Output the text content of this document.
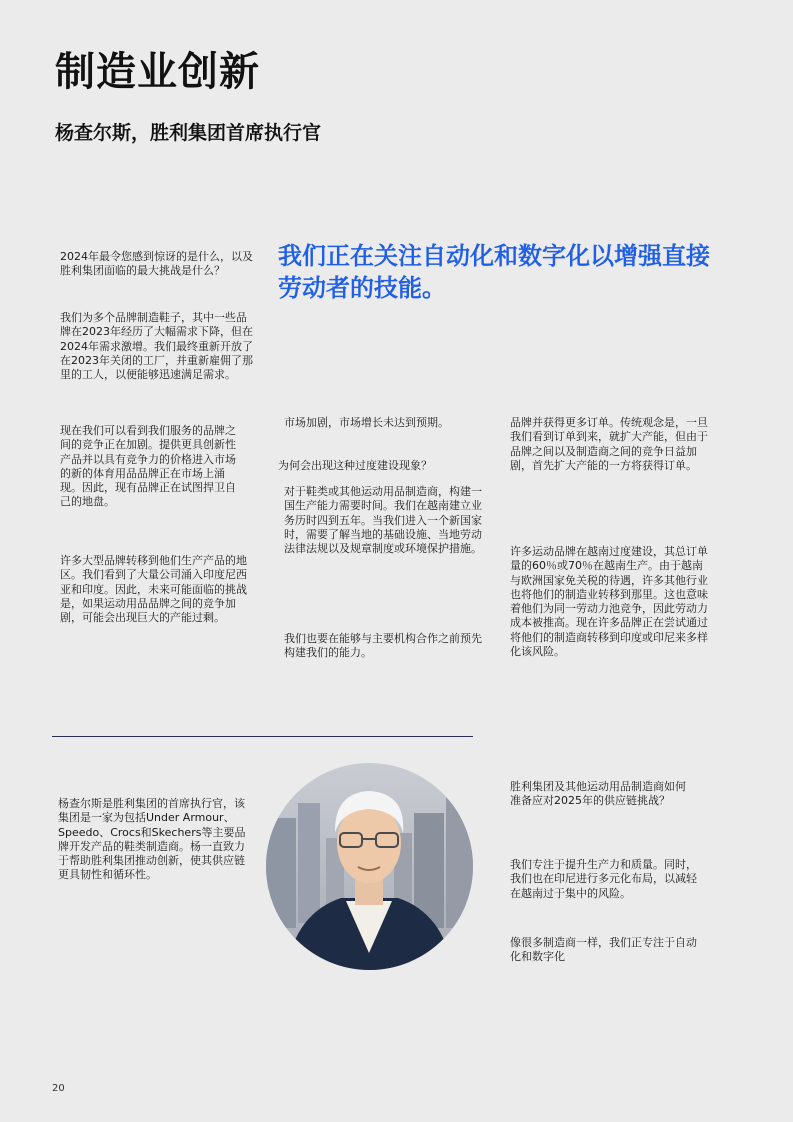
制造业创新
杨查尔斯，胜利集团首席执行官
我们正在关注自动化和数字化以增强直接劳动者的技能。
2024年最令您感到惊讶的是什么，以及胜利集团面临的最大挑战是什么？
我们为多个品牌制造鞋子，其中一些品牌在2023年经历了大幅需求下降，但在2024年需求激增。我们最终重新开放了在2023年关闭的工厂，并重新雇佣了那里的工人，以便能够迅速满足需求。
现在我们可以看到我们服务的品牌之间的竞争正在加剧。提供更具创新性产品并以具有竞争力的价格进入市场的新的体育用品品牌正在市场上涌现。因此，现有品牌正在试图捍卫自己的地盘。
许多大型品牌转移到他们生产产品的地区。我们看到了大量公司涌入印度尼西亚和印度。因此，未来可能面临的挑战是，如果运动用品品牌之间的竞争加剧，可能会出现巨大的产能过剩。
市场加剧，市场增长未达到预期。
为何会出现这种过度建设现象？
对于鞋类或其他运动用品制造商，构建一国生产能力需要时间。我们在越南建立业务历时四到五年。当我们进入一个新国家时，需要了解当地的基础设施、当地劳动法律法规以及规章制度或环境保护措施。
我们也要在能够与主要机构合作之前预先构建我们的能力。
品牌并获得更多订单。传统观念是，一旦我们看到订单到来，就扩大产能，但由于品牌之间以及制造商之间的竞争日益加剧，首先扩大产能的一方将获得订单。
许多运动品牌在越南过度建设，其总订单量的60％或70％在越南生产。由于越南与欧洲国家免关税的待遇，许多其他行业也将他们的制造业转移到那里。这也意味着他们为同一劳动力池竞争，因此劳动力成本被推高。现在许多品牌正在尝试通过将他们的制造商转移到印度或印尼来多样化该风险。
杨查尔斯是胜利集团的首席执行官，该集团是一家为包括Under Armour、Speedo、Crocs和Skechers等主要品牌开发产品的鞋类制造商。杨一直致力于帮助胜利集团推动创新，使其供应链更具韧性和循环性。
胜利集团及其他运动用品制造商如何准备应对2025年的供应链挑战？
我们专注于提升生产力和质量。同时，我们也在印尼进行多元化布局，以减轻在越南过于集中的风险。
像很多制造商一样，我们正专注于自动化和数字化
20
